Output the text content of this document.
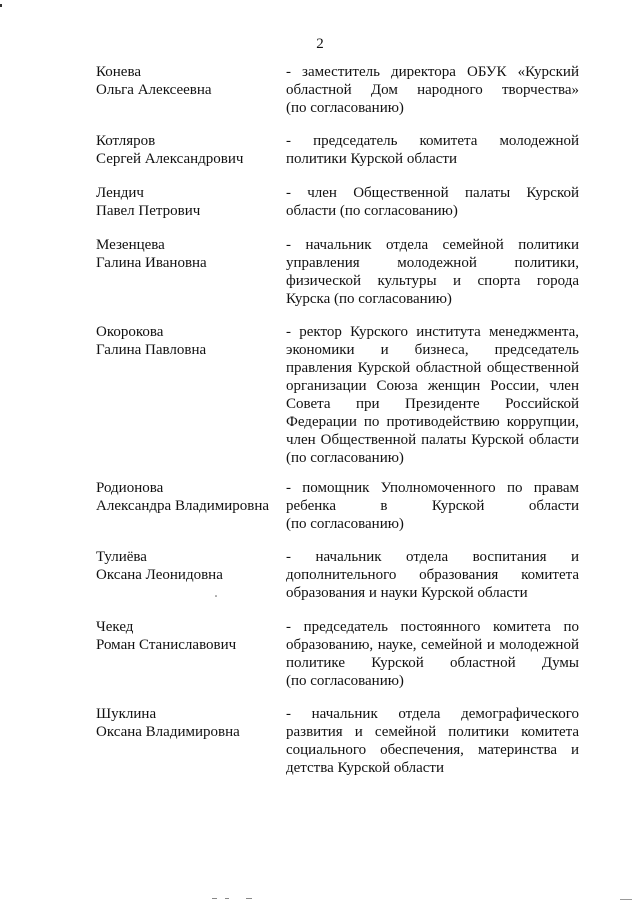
2
Конева
Ольга Алексеевна
- заместитель директора ОБУК «Курский
областной Дом народного творчества»
(по согласованию)
Котляров
Сергей Александрович
- председатель комитета молодежной
политики Курской области
Лендич
Павел Петрович
- член Общественной палаты Курской
области (по согласованию)
Мезенцева
Галина Ивановна
- начальник отдела семейной политики
управления молодежной политики,
физической культуры и спорта города
Курска (по согласованию)
Окорокова
Галина Павловна
- ректор Курского института менеджмента,
экономики и бизнеса, председатель
правления Курской областной общественной
организации Союза женщин России, член
Совета при Президенте Российской
Федерации по противодействию коррупции,
член Общественной палаты Курской области
(по согласованию)
Родионова
Александра Владимировна
- помощник Уполномоченного по правам
ребенка в Курской области
(по согласованию)
Тулиёва
Оксана Леонидовна
- начальник отдела воспитания и
дополнительного образования комитета
образования и науки Курской области
Чекед
Роман Станиславович
- председатель постоянного комитета по
образованию, науке, семейной и молодежной
политике Курской областной Думы
(по согласованию)
Шуклина
Оксана Владимировна
- начальник отдела демографического
развития и семейной политики комитета
социального обеспечения, материнства и
детства Курской области
